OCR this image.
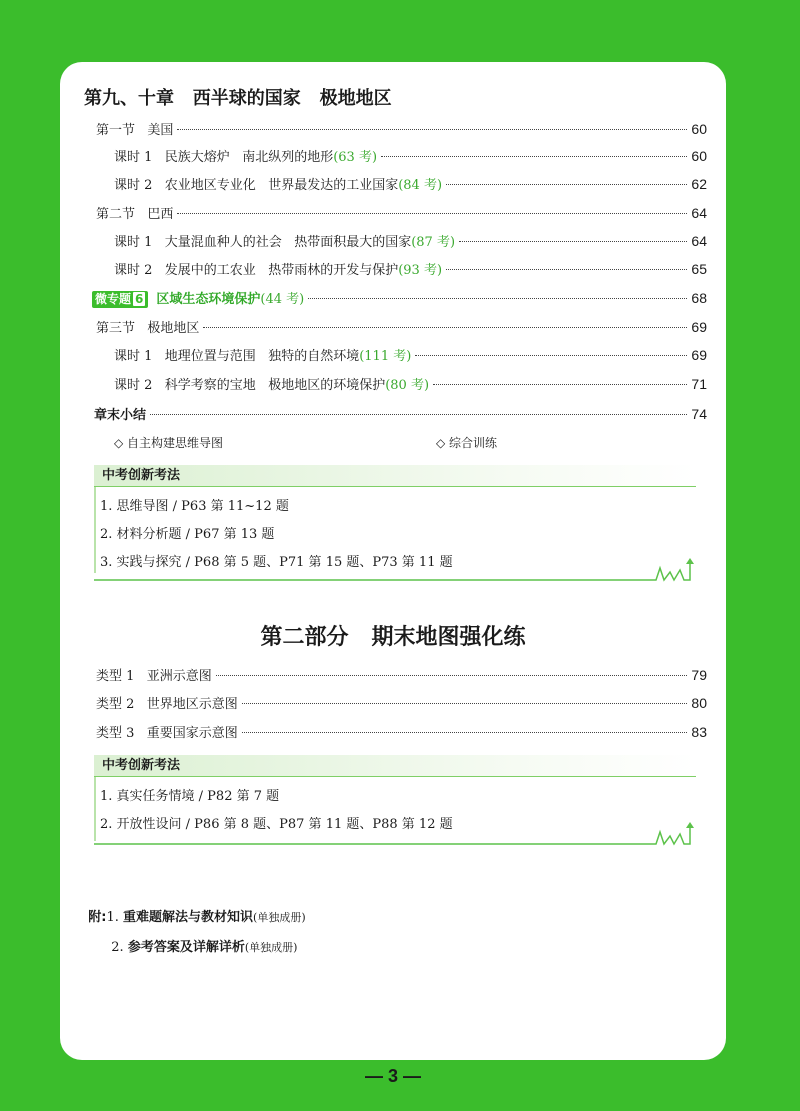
第九、十章   西半球的国家   极地地区
第一节   美国	60
课时 1   民族大熔炉   南北纵列的地形 (63 考)	60
课时 2   农业地区专业化   世界最发达的工业国家 (84 考)	62
第二节   巴西	64
课时 1   大量混血种人的社会   热带面积最大的国家 (87 考)	64
课时 2   发展中的工农业   热带雨林的开发与保护 (93 考)	65
微专题 6	区域生态环境保护 (44 考)	68
第三节   极地地区	69
课时 1   地理位置与范围   独特的自然环境 (111 考)	69
课时 2   科学考察的宝地   极地地区的环境保护 (80 考)	71
章末小结	74
◇ 自主构建思维导图	◇ 综合训练
中考创新考法
1. 思维导图 / P63 第 11~12 题
2. 材料分析题 / P67 第 13 题
3. 实践与探究 / P68 第 5 题、P71 第 15 题、P73 第 11 题
第二部分   期末地图强化练
类型 1   亚洲示意图	79
类型 2   世界地区示意图	80
类型 3   重要国家示意图	83
中考创新考法
1. 真实任务情境 / P82 第 7 题
2. 开放性设问 / P86 第 8 题、P87 第 11 题、P88 第 12 题

附:1. 重难题解法与教材知识(单独成册)

2. 参考答案及详解详析(单独成册)

— 3 —
